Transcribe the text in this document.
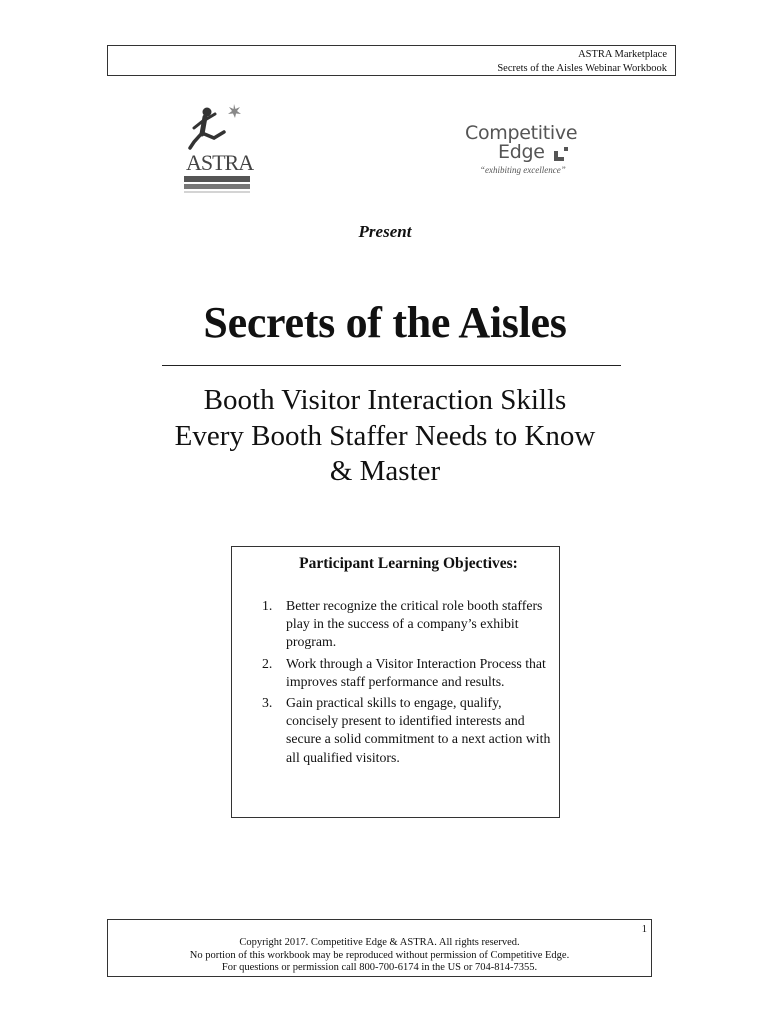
ASTRA Marketplace
Secrets of the Aisles Webinar Workbook
ASTRA
Competitive
Edge
“exhibiting excellence”
Present
Secrets of the Aisles
Booth Visitor Interaction Skills
Every Booth Staffer Needs to Know
& Master
Participant Learning Objectives:
1. Better recognize the critical role booth staffers play in the success of a company’s exhibit program.
2. Work through a Visitor Interaction Process that improves staff performance and results.
3. Gain practical skills to engage, qualify, concisely present to identified interests and secure a solid commitment to a next action with all qualified visitors.
1
Copyright 2017. Competitive Edge & ASTRA. All rights reserved.
No portion of this workbook may be reproduced without permission of Competitive Edge.
For questions or permission call 800-700-6174 in the US or 704-814-7355.
